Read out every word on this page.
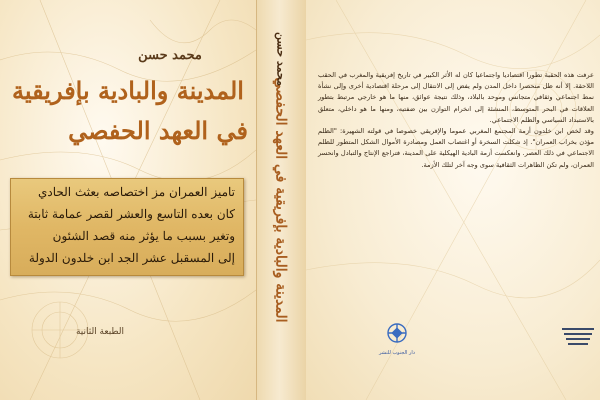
محمد حسن
المدينة والبادية بإفريقية
في العهد الحفصي
تاميز العمران مز اختصاصه بعثث الحادي
كان بعده التاسع والعشر لقصر عمامة ثابتة
وتغير بسبب ما يؤثر منه قصد الشئون
إلى المسقبل عشر الجد ابن خلدون الدولة
الطبعة الثانية
المدينة والبادية بإفريقية في العهد الحفصي
محمد حسن	عرفت هذه الحقبة تطورا اقتصاديا واجتماعيا كان له الأثر الكبير في تاريخ إفريقية والمغرب في الحقب اللاحقة. إلا أنه ظل منحصرا داخل المدن ولم يفض إلى الانتقال إلى مرحلة اقتصادية أخرى وإلى نشأة نمط اجتماعي وثقافي متجانس وموحد بالبلاد، وذلك نتيجة عوائق، منها ما هو خارجي مرتبط بتطور العلاقات في البحر المتوسط، المنشئة إلى انخرام التوازن بين ضفتيه، ومنها ما هو داخلي، متعلق بالاستبداد السياسي والظلم الاجتماعي.

وقد لخص ابن خلدون أزمة المجتمع المغربي عموما والإفريقي خصوصا في قولته الشهيرة: "الظلم مؤذن بخراب العمران". إذ شكلت السخرة أو اغتصاب العمل ومصادرة الأموال الشكل المتطور للظلم الاجتماعي في ذلك العصر. وانعكست أزمة البادية الهيكلية على المدينة، فتراجع الإنتاج والتبادل وانحسر العمران، ولم تكن الظاهرات الثقافية سوى وجه آخر لتلك الأزمة.

دار الجنوب للنشر
